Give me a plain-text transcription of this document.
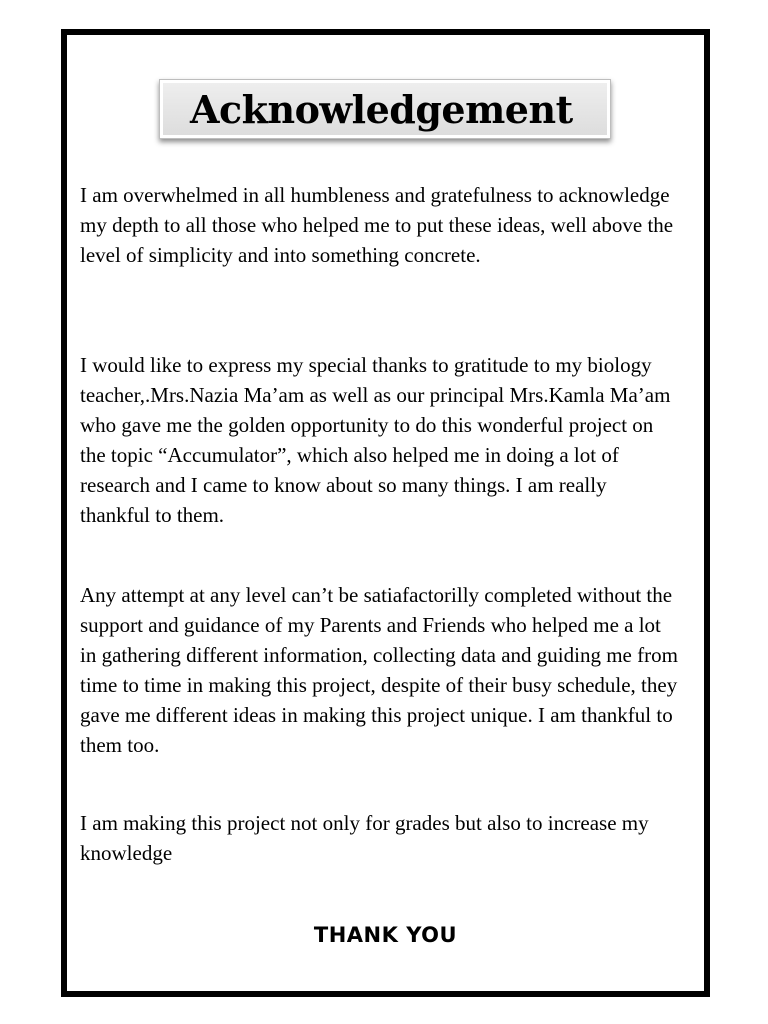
Acknowledgement

I am overwhelmed in all humbleness and gratefulness to acknowledge my depth to all those who helped me to put these ideas, well above the level of simplicity and into something concrete.

I would like to express my special thanks to gratitude to my biology teacher,.Mrs.Nazia Ma’am as well as our principal Mrs.Kamla Ma’am who gave me the golden opportunity to do this wonderful project on the topic “Accumulator”, which also helped me in doing a lot of research and I came to know about so many things. I am really thankful to them.

Any attempt at any level can’t be satiafactorilly completed without the support and guidance of my Parents and Friends who helped me a lot in gathering different information, collecting data and guiding me from time to time in making this project, despite of their busy schedule, they gave me different ideas in making this project unique. I am thankful to them too.

I am making this project not only for grades but also to increase my knowledge

THANK YOU
